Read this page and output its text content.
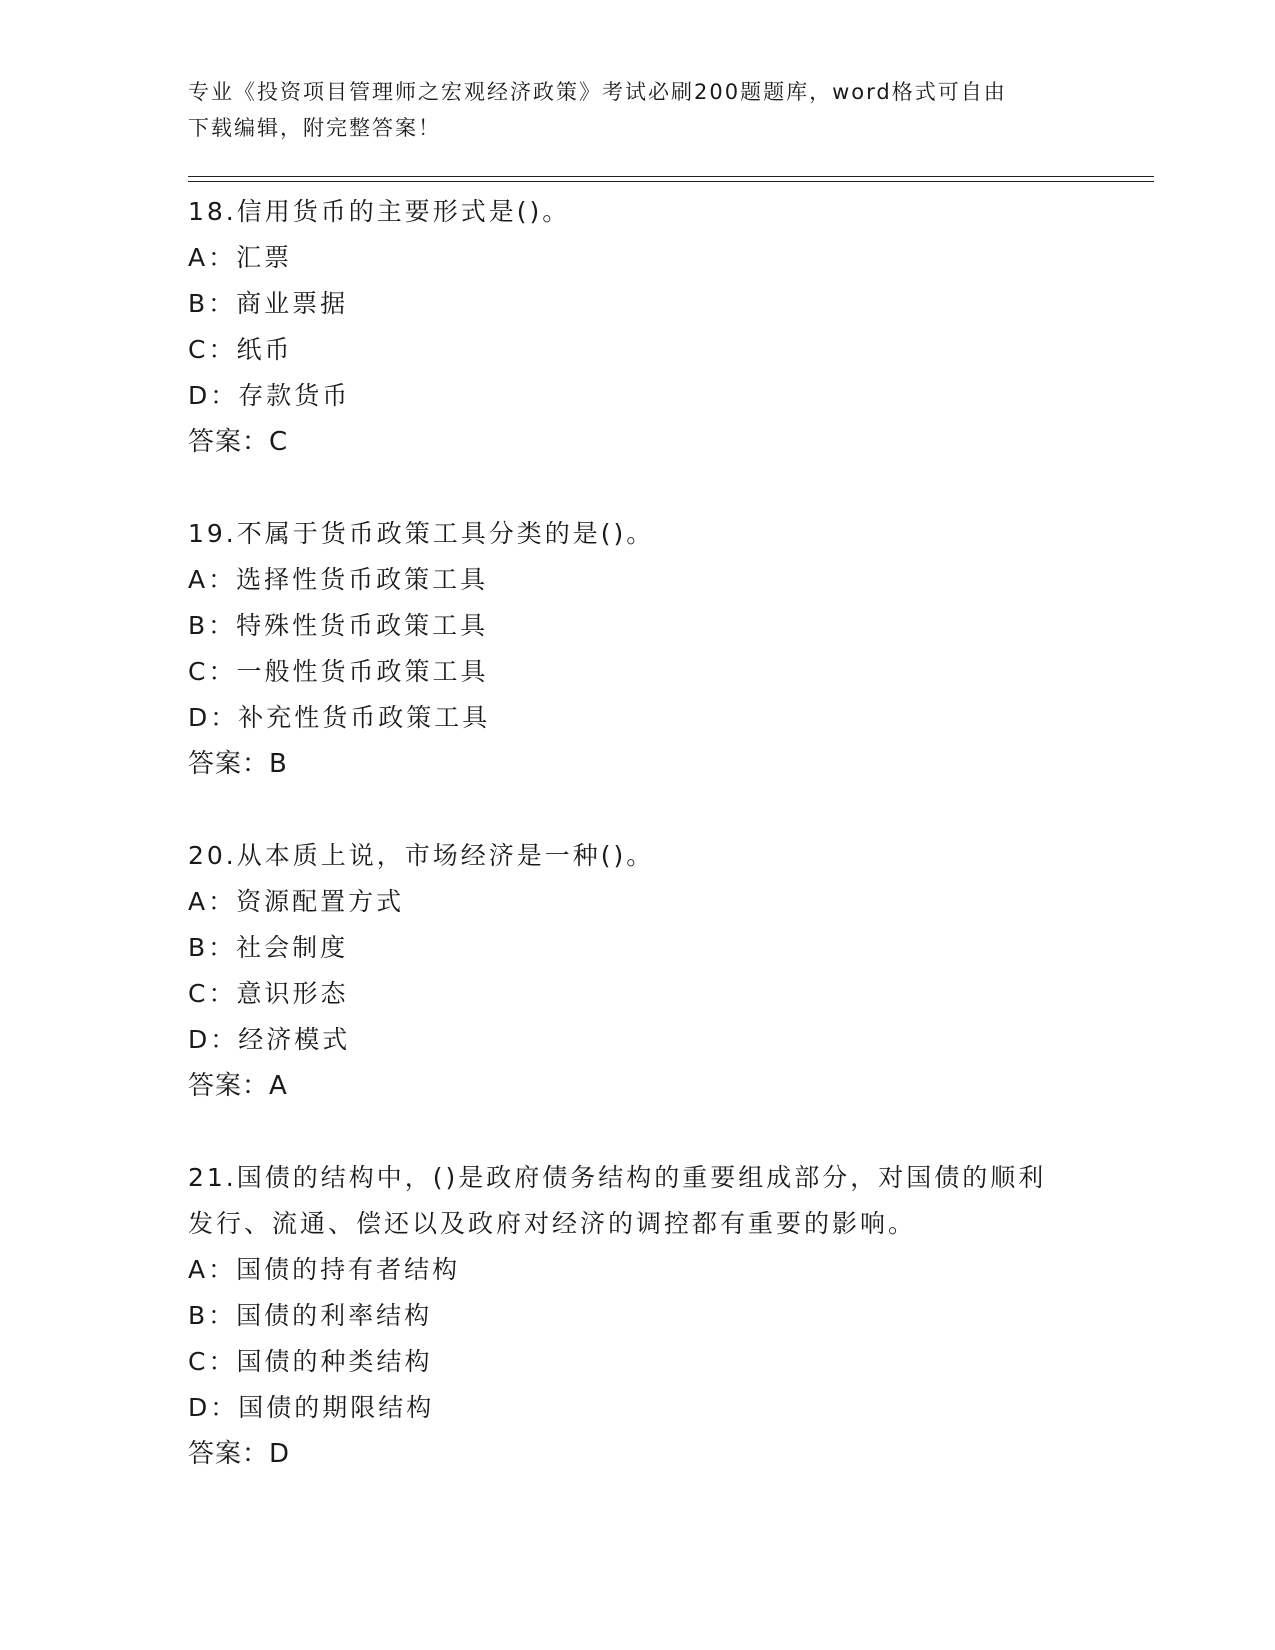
专业《投资项目管理师之宏观经济政策》考试必刷200题题库，word格式可自由
下载编辑，附完整答案！
18.信用货币的主要形式是()。
A：汇票
B：商业票据
C：纸币
D：存款货币
答案：C
19.不属于货币政策工具分类的是()。
A：选择性货币政策工具
B：特殊性货币政策工具
C：一般性货币政策工具
D：补充性货币政策工具
答案：B
20.从本质上说，市场经济是一种()。
A：资源配置方式
B：社会制度
C：意识形态
D：经济模式
答案：A
21.国债的结构中，()是政府债务结构的重要组成部分，对国债的顺利
发行、流通、偿还以及政府对经济的调控都有重要的影响。
A：国债的持有者结构
B：国债的利率结构
C：国债的种类结构
D：国债的期限结构
答案：D
